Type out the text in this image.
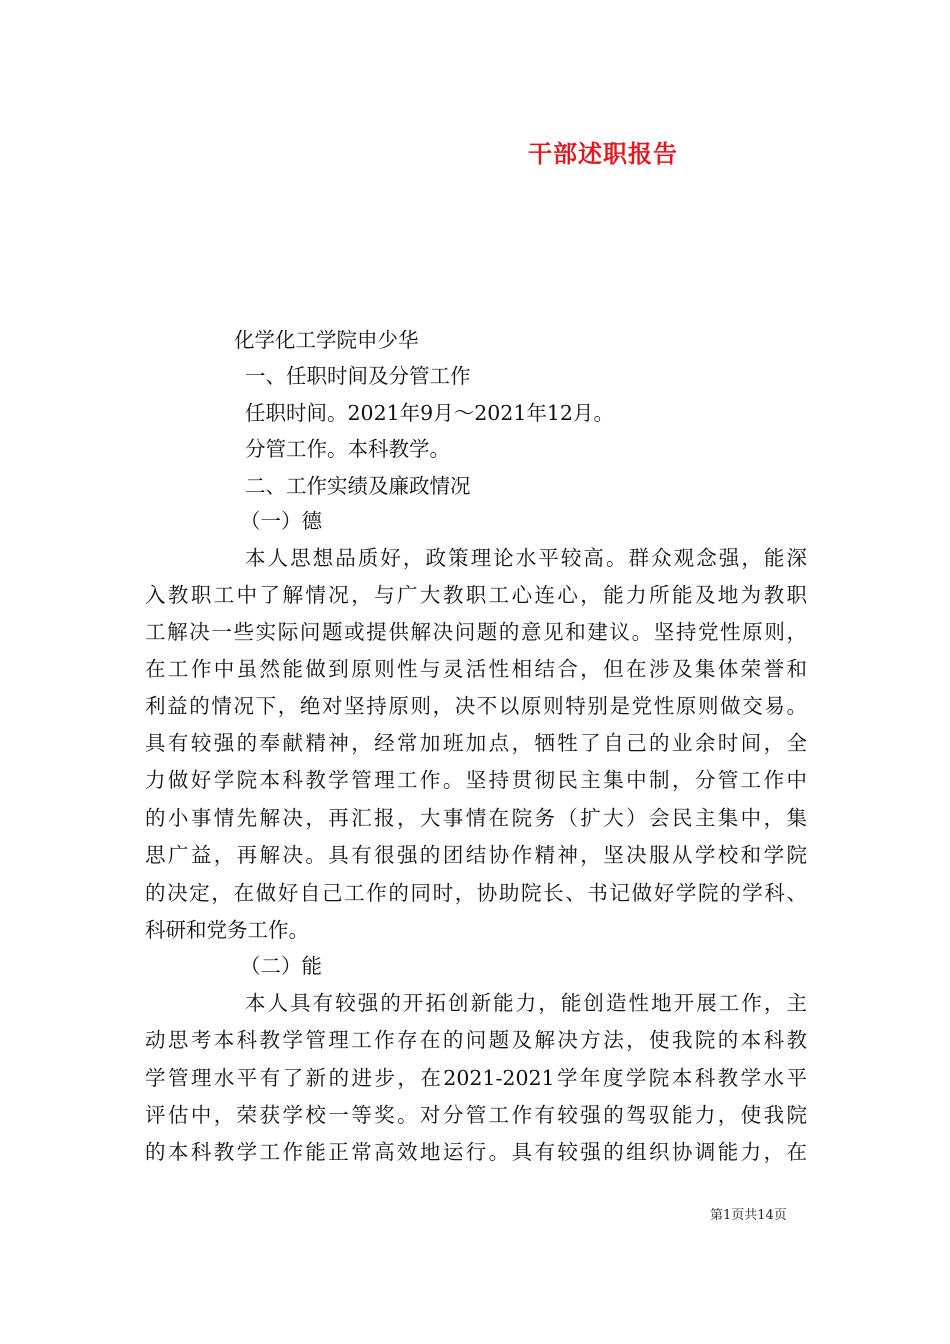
干部述职报告
化学化工学院申少华
一、任职时间及分管工作
任职时间。2021年9月～2021年12月。
分管工作。本科教学。
二、工作实绩及廉政情况
（一）德
本人思想品质好，政策理论水平较高。群众观念强，能深
入教职工中了解情况，与广大教职工心连心，能力所能及地为教职
工解决一些实际问题或提供解决问题的意见和建议。坚持党性原则，
在工作中虽然能做到原则性与灵活性相结合，但在涉及集体荣誉和
利益的情况下，绝对坚持原则，决不以原则特别是党性原则做交易。
具有较强的奉献精神，经常加班加点，牺牲了自己的业余时间，全
力做好学院本科教学管理工作。坚持贯彻民主集中制，分管工作中
的小事情先解决，再汇报，大事情在院务（扩大）会民主集中，集
思广益，再解决。具有很强的团结协作精神，坚决服从学校和学院
的决定，在做好自己工作的同时，协助院长、书记做好学院的学科、
科研和党务工作。
（二）能
本人具有较强的开拓创新能力，能创造性地开展工作，主
动思考本科教学管理工作存在的问题及解决方法，使我院的本科教
学管理水平有了新的进步，在2021-2021学年度学院本科教学水平
评估中，荣获学校一等奖。对分管工作有较强的驾驭能力，使我院
的本科教学工作能正常高效地运行。具有较强的组织协调能力，在
第1页共14页
